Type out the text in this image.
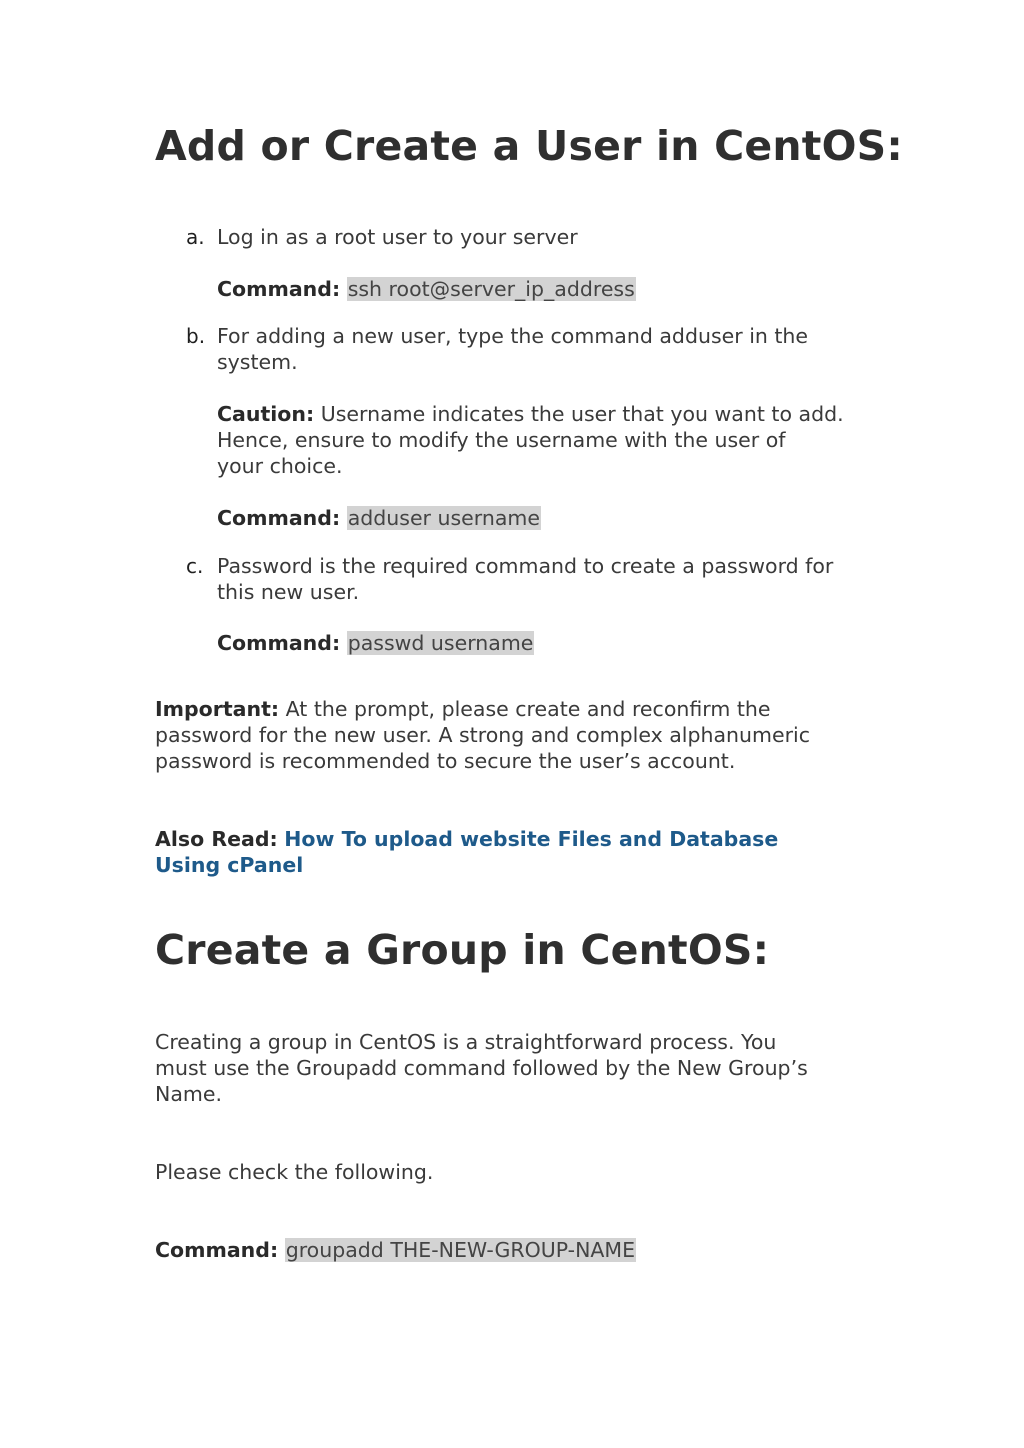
Add or Create a User in CentOS:
a. Log in as a root user to your server
Command: ssh root@server_ip_address
b. For adding a new user, type the command adduser in the
system.
Caution: Username indicates the user that you want to add.
Hence, ensure to modify the username with the user of
your choice.
Command: adduser username
c. Password is the required command to create a password for
this new user.
Command: passwd username
Important: At the prompt, please create and reconfirm the
password for the new user. A strong and complex alphanumeric
password is recommended to secure the user’s account.
Also Read: How To upload website Files and Database
Using cPanel
Create a Group in CentOS:
Creating a group in CentOS is a straightforward process. You
must use the Groupadd command followed by the New Group’s
Name.
Please check the following.
Command: groupadd THE-NEW-GROUP-NAME
